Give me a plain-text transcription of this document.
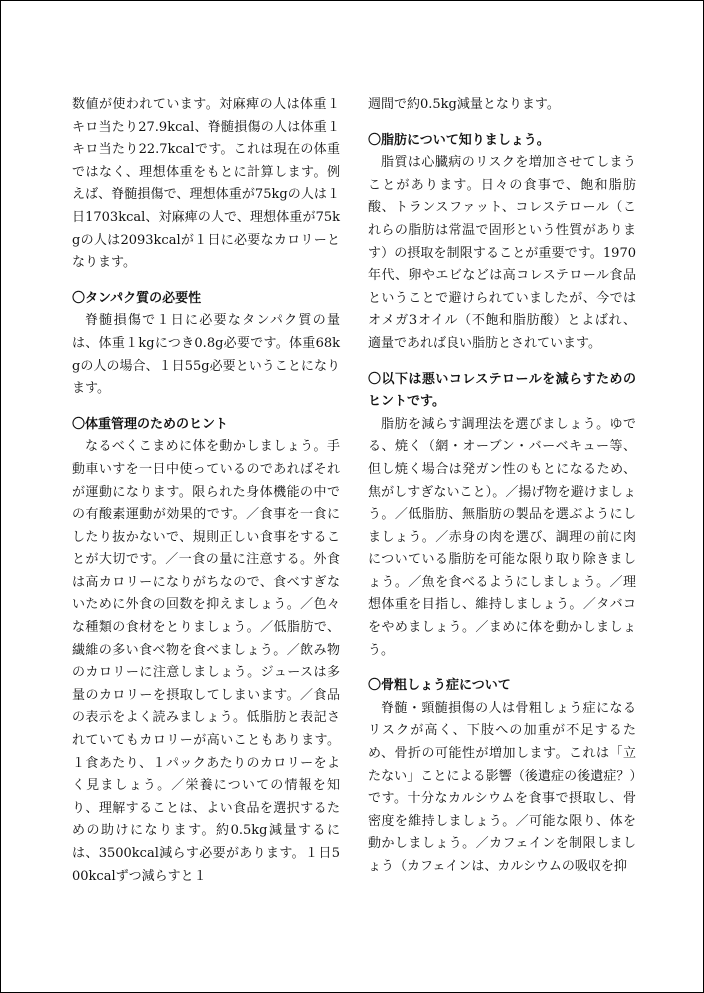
数値が使われています。対麻痺の人は体重１キロ当たり27.9kcal、脊髄損傷の人は体重１キロ当たり22.7kcalです。これは現在の体重ではなく、理想体重をもとに計算します。例えば、脊髄損傷で、理想体重が75kgの人は１日1703kcal、対麻痺の人で、理想体重が75kgの人は2093kcalが１日に必要なカロリーとなります。

〇タンパク質の必要性

脊髄損傷で１日に必要なタンパク質の量は、体重１kgにつき0.8g必要です。体重68kgの人の場合、１日55g必要ということになります。

〇体重管理のためのヒント

なるべくこまめに体を動かしましょう。手動車いすを一日中使っているのであればそれが運動になります。限られた身体機能の中での有酸素運動が効果的です。／食事を一食にしたり抜かないで、規則正しい食事をすることが大切です。／一食の量に注意する。外食は高カロリーになりがちなので、食べすぎないために外食の回数を抑えましょう。／色々な種類の食材をとりましょう。／低脂肪で、繊維の多い食べ物を食べましょう。／飲み物のカロリーに注意しましょう。ジュースは多量のカロリーを摂取してしまいます。／食品の表示をよく読みましょう。低脂肪と表記されていてもカロリーが高いこともあります。１食あたり、１パックあたりのカロリーをよく見ましょう。／栄養についての情報を知り、理解することは、よい食品を選択するための助けになります。約0.5kg減量するには、3500kcal減らす必要があります。１日500kcalずつ減らすと１

週間で約0.5kg減量となります。

〇脂肪について知りましょう。

脂質は心臓病のリスクを増加させてしまうことがあります。日々の食事で、飽和脂肪酸、トランスファット、コレステロール（これらの脂肪は常温で固形という性質があります）の摂取を制限することが重要です。1970年代、卵やエビなどは高コレステロール食品ということで避けられていましたが、今ではオメガ3オイル（不飽和脂肪酸）とよばれ、適量であれば良い脂肪とされています。

〇以下は悪いコレステロールを減らすためのヒントです。

脂肪を減らす調理法を選びましょう。ゆでる、焼く（網・オーブン・バーベキュー等、但し焼く場合は発ガン性のもとになるため、焦がしすぎないこと）。／揚げ物を避けましょう。／低脂肪、無脂肪の製品を選ぶようにしましょう。／赤身の肉を選び、調理の前に肉についている脂肪を可能な限り取り除きましょう。／魚を食べるようにしましょう。／理想体重を目指し、維持しましょう。／タバコをやめましょう。／まめに体を動かしましょう。

〇骨粗しょう症について

脊髄・頸髄損傷の人は骨粗しょう症になるリスクが高く、下肢への加重が不足するため、骨折の可能性が増加します。これは「立たない」ことによる影響（後遺症の後遺症？）です。十分なカルシウムを食事で摂取し、骨密度を維持しましょう。／可能な限り、体を動かしましょう。／カフェインを制限しましょう（カフェインは、カルシウムの吸収を抑
